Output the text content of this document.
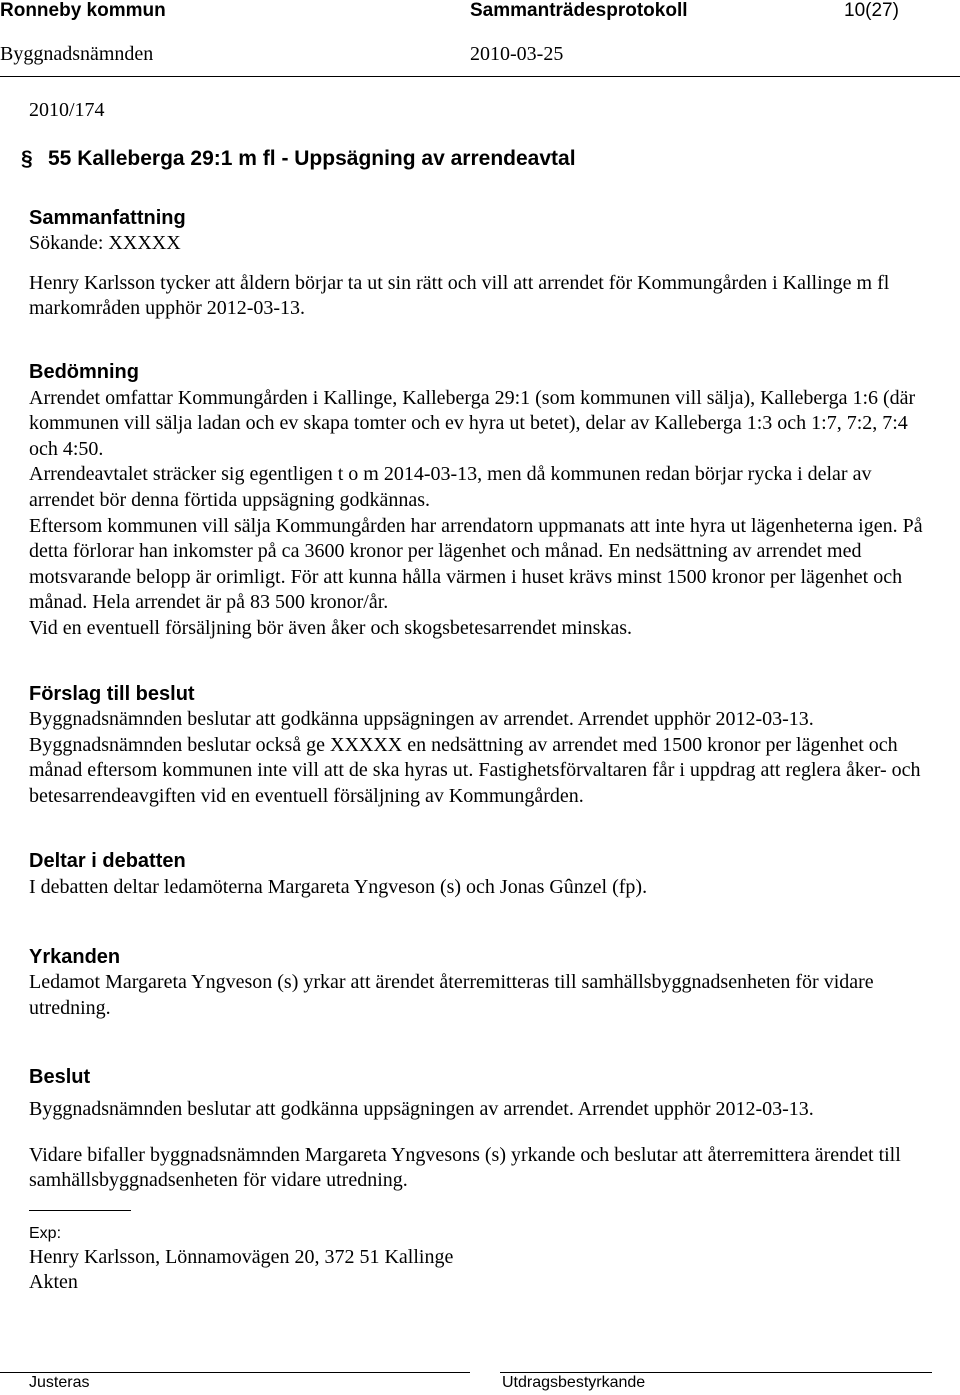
Ronneby kommun	Sammanträdesprotokoll	10(27)
Byggnadsnämnden	2010-03-25

2010/174

§ 55 Kalleberga 29:1 m fl - Uppsägning av arrendeavtal

Sammanfattning

Sökande: XXXXX

Henry Karlsson tycker att åldern börjar ta ut sin rätt och vill att arrendet för Kommungården i Kallinge m fl markområden upphör 2012-03-13.

Bedömning

Arrendet omfattar Kommungården i Kallinge, Kalleberga 29:1 (som kommunen vill sälja), Kalleberga 1:6 (där kommunen vill sälja ladan och ev skapa tomter och ev hyra ut betet), delar av Kalleberga 1:3 och 1:7, 7:2, 7:4 och 4:50.

Arrendeavtalet sträcker sig egentligen t o m 2014-03-13, men då kommunen redan börjar rycka i delar av arrendet bör denna förtida uppsägning godkännas.

Eftersom kommunen vill sälja Kommungården har arrendatorn uppmanats att inte hyra ut lägenheterna igen. På detta förlorar han inkomster på ca 3600 kronor per lägenhet och månad. En nedsättning av arrendet med motsvarande belopp är orimligt. För att kunna hålla värmen i huset krävs minst 1500 kronor per lägenhet och månad. Hela arrendet är på 83 500 kronor/år.

Vid en eventuell försäljning bör även åker och skogsbetesarrendet minskas.

Förslag till beslut

Byggnadsnämnden beslutar att godkänna uppsägningen av arrendet. Arrendet upphör 2012-03-13.

Byggnadsnämnden beslutar också ge XXXXX en nedsättning av arrendet med 1500 kronor per lägenhet och månad eftersom kommunen inte vill att de ska hyras ut. Fastighetsförvaltaren får i uppdrag att reglera åker- och betesarrendeavgiften vid en eventuell försäljning av Kommungården.

Deltar i debatten

I debatten deltar ledamöterna Margareta Yngveson (s) och Jonas Gûnzel (fp).

Yrkanden

Ledamot Margareta Yngveson (s) yrkar att ärendet återremitteras till samhällsbyggnadsenheten för vidare utredning.

Beslut

Byggnadsnämnden beslutar att godkänna uppsägningen av arrendet. Arrendet upphör 2012-03-13.

Vidare bifaller byggnadsnämnden Margareta Yngvesons (s) yrkande och beslutar att återremittera ärendet till samhällsbyggnadsenheten för vidare utredning.

Exp:

Henry Karlsson, Lönnamovägen 20, 372 51 Kallinge

Akten

Justeras	Utdragsbestyrkande
